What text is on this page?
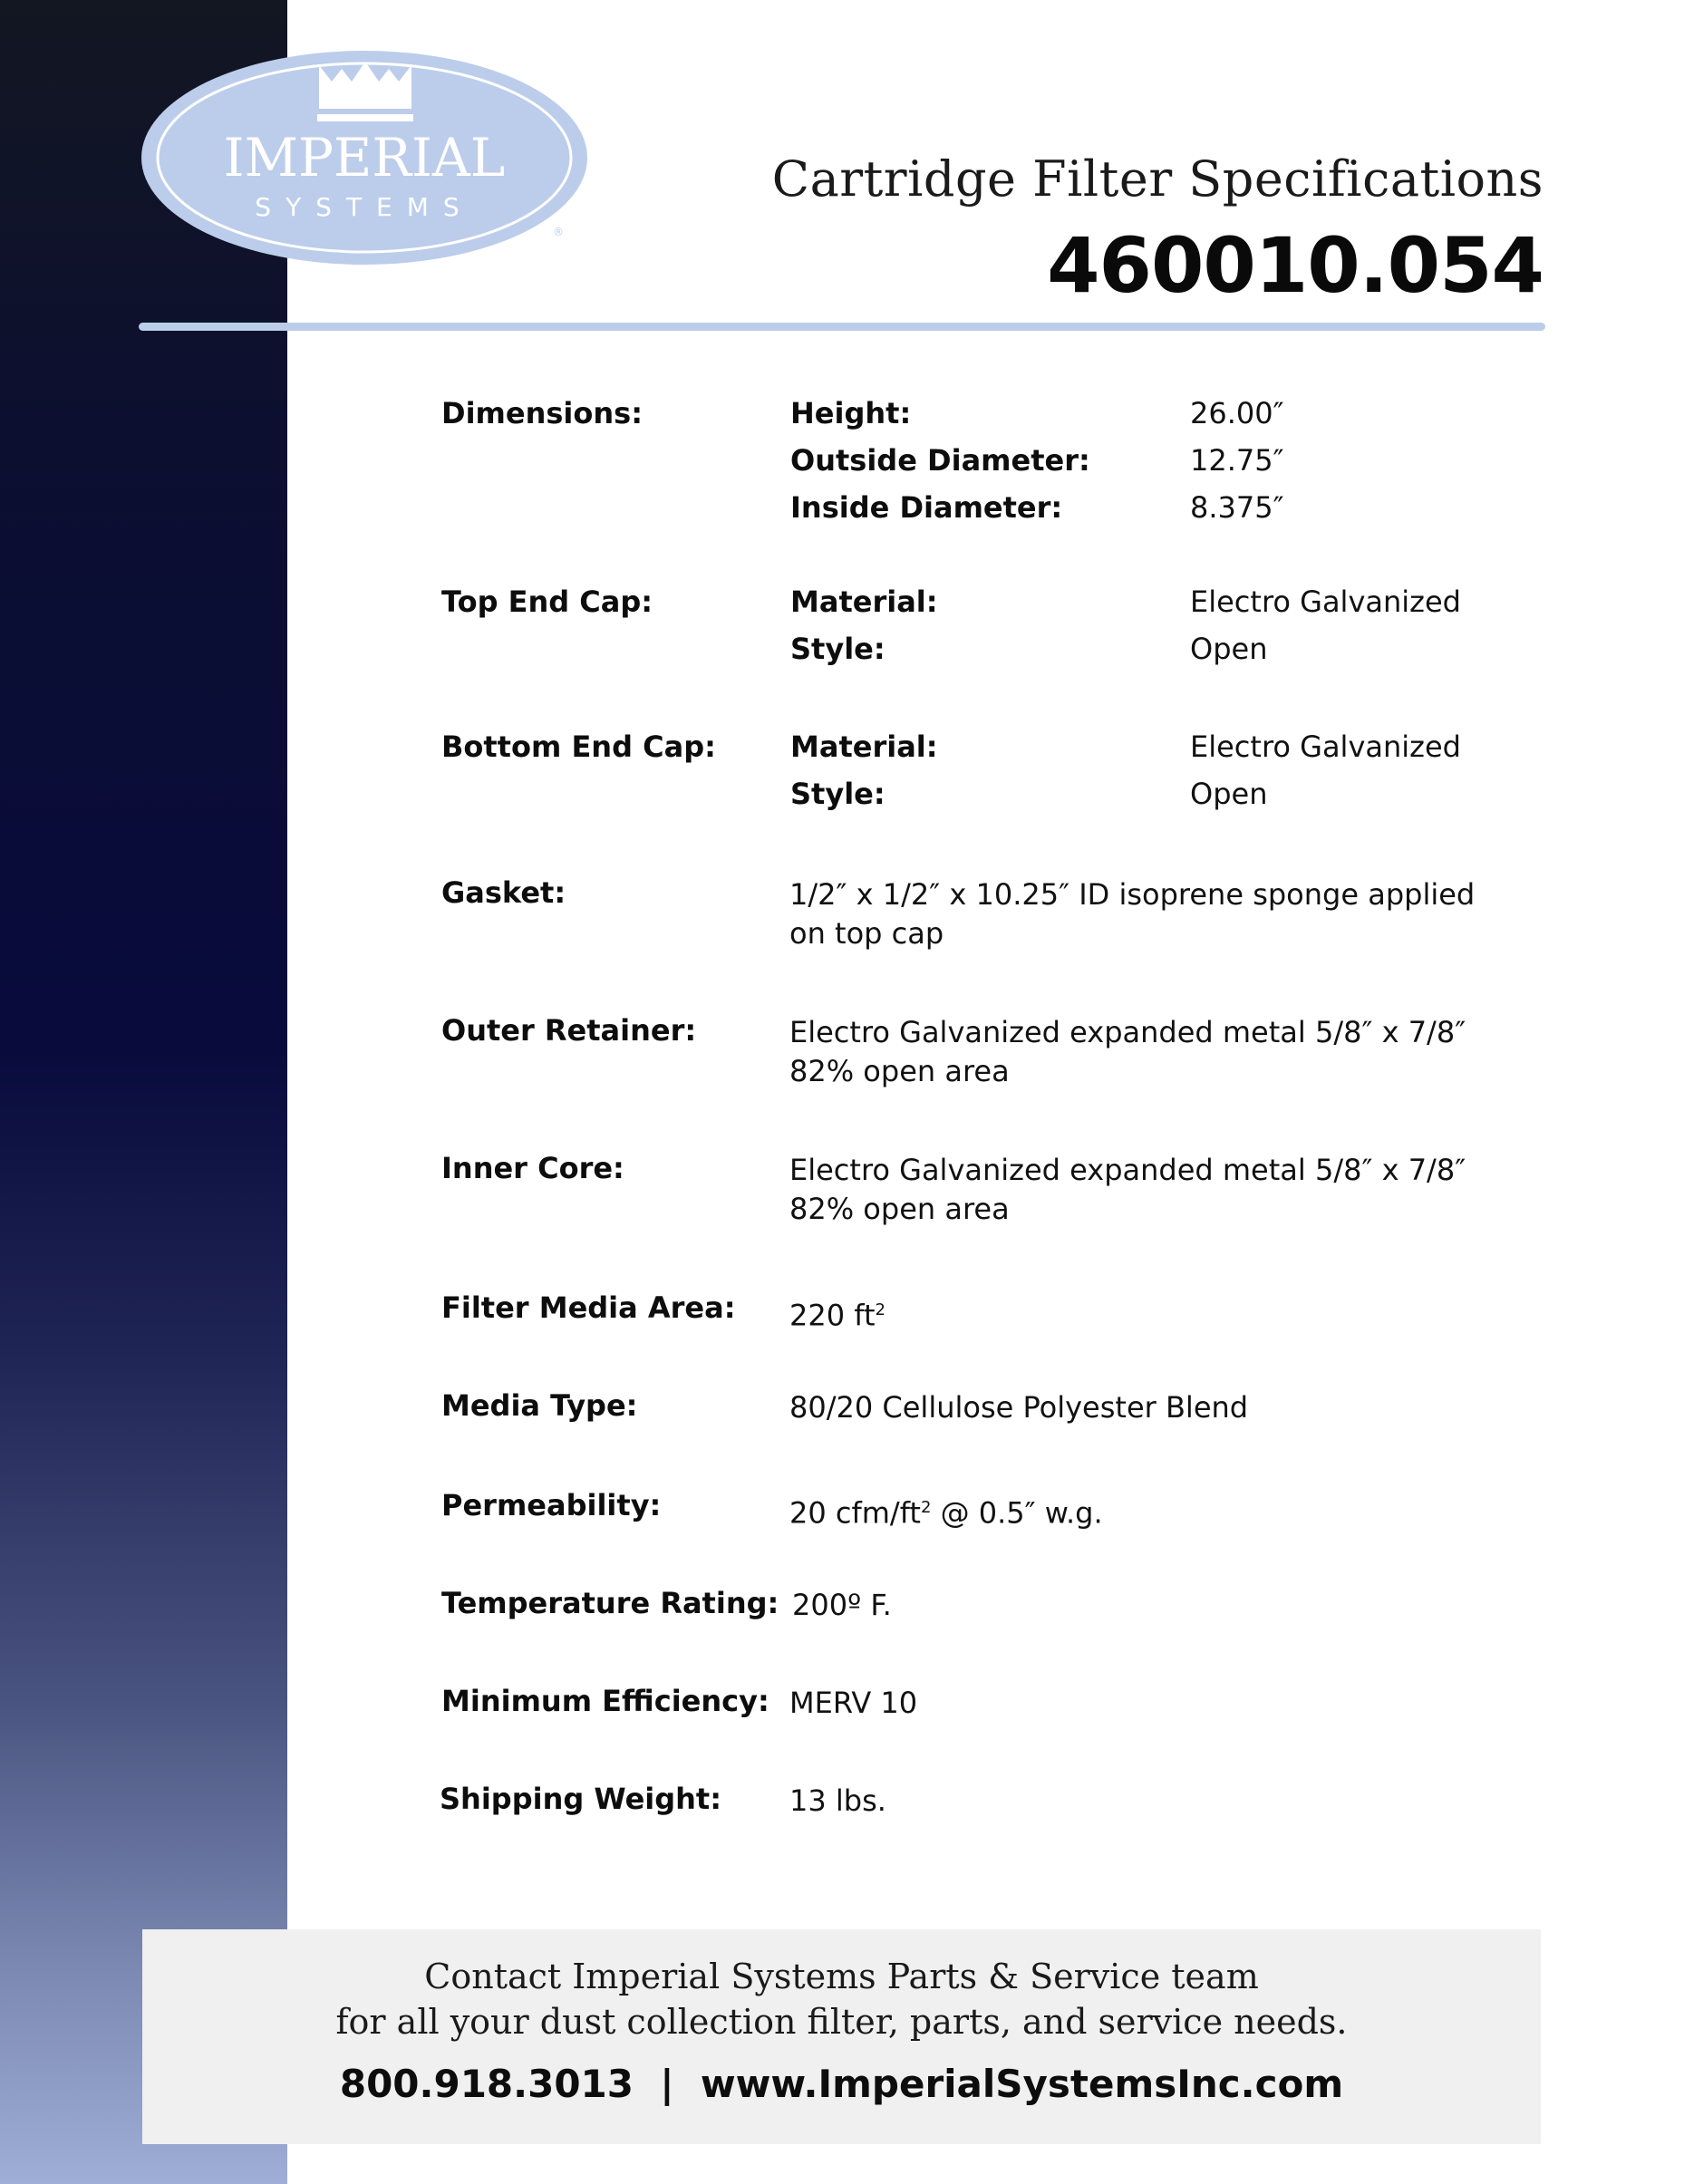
IMPERIAL
SYSTEMS
®
Cartridge Filter Specifications
460010.054
Dimensions:	Height:	26.00″
Outside Diameter:	12.75″
Inside Diameter:	8.375″
Top End Cap:	Material:	Electro Galvanized
Style:	Open
Bottom End Cap:	Material:	Electro Galvanized
Style:	Open
Gasket:	1/2″ x 1/2″ x 10.25″ ID isoprene sponge applied
on top cap
Outer Retainer:	Electro Galvanized expanded metal 5/8″ x 7/8″
82% open area
Inner Core:	Electro Galvanized expanded metal 5/8″ x 7/8″
82% open area
Filter Media Area: 220 $ft^2$
Media Type:	80/20 Cellulose Polyester Blend
Permeability:	20 cfm/$ft^2$ @ 0.5″ w.g.
Temperature Rating: 200º F.
Minimum Efficiency: MERV 10
Shipping Weight: 13 lbs.
Contact Imperial Systems Parts & Service team
for all your dust collection filter, parts, and service needs.
800.918.3013  |  www.ImperialSystemsInc.com
